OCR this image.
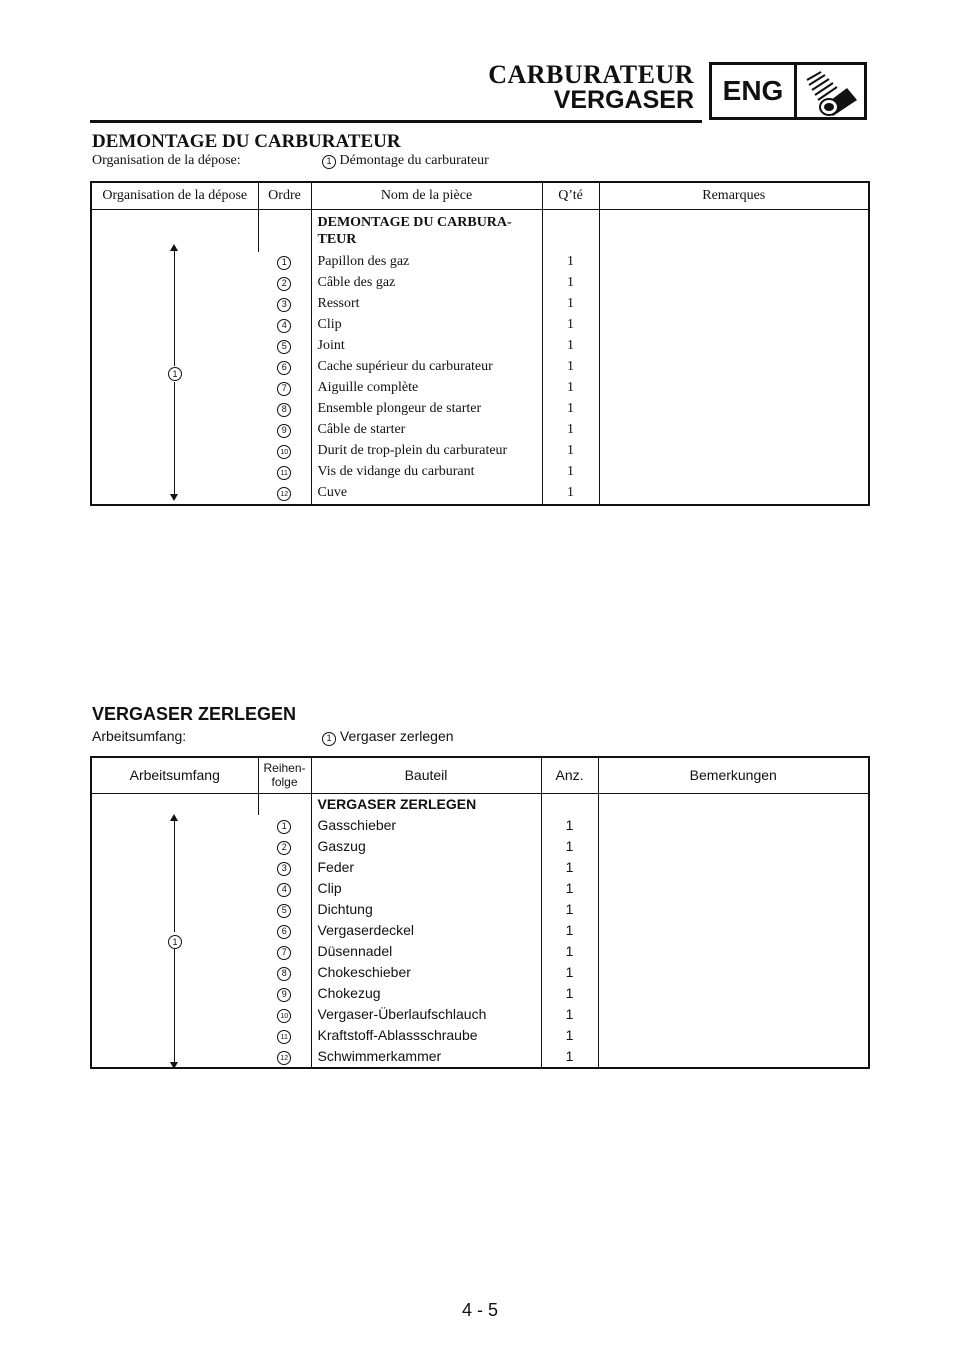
CARBURATEUR
VERGASER	ENG
DEMONTAGE DU CARBURATEUR
Organisation de la dépose:	1 Démontage du carburateur
Organisation de la dépose	Ordre	Nom de la pièce	Q’té	Remarques

1		DEMONTAGE DU CARBURA-TEUR		
	1	Papillon des gaz	1	
	2	Câble des gaz	1	
	3	Ressort	1	
	4	Clip	1	
	5	Joint	1	
	6	Cache supérieur du carburateur	1	
	7	Aiguille complète	1	
	8	Ensemble plongeur de starter	1	
	9	Câble de starter	1	
	10	Durit de trop-plein du carburateur	1	
	11	Vis de vidange du carburant	1	
	12	Cuve	1	
VERGASER ZERLEGEN
Arbeitsumfang:	1 Vergaser zerlegen
Arbeitsumfang	Reihen-folge	Bauteil	Anz.	Bemerkungen

1		VERGASER ZERLEGEN		
	1	Gasschieber	1	
	2	Gaszug	1	
	3	Feder	1	
	4	Clip	1	
	5	Dichtung	1	
	6	Vergaserdeckel	1	
	7	Düsennadel	1	
	8	Chokeschieber	1	
	9	Chokezug	1	
	10	Vergaser-Überlaufschlauch	1	
	11	Kraftstoff-Ablassschraube	1	
	12	Schwimmerkammer	1	
4 - 5
